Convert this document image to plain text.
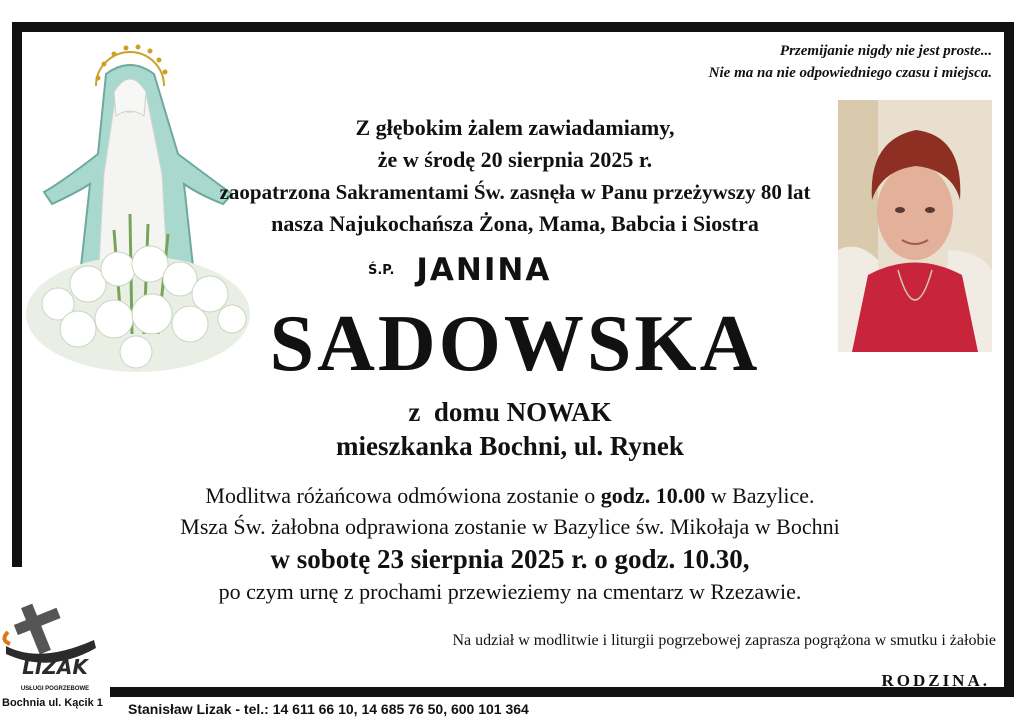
Przemijanie nigdy nie jest proste...
Nie ma na nie odpowiedniego czasu i miejsca.
Z głębokim żalem zawiadamiamy,
że w środę 20 sierpnia 2025 r.
zaopatrzona Sakramentami Św. zasnęła w Panu przeżywszy 80 lat
nasza Najukochańsza Żona, Mama, Babcia i Siostra
Ś.P. JANINA
SADOWSKA
z  domu NOWAK
mieszkanka Bochni, ul. Rynek
Modlitwa różańcowa odmówiona zostanie o godz. 10.00 w Bazylice.
Msza Św. żałobna odprawiona zostanie w Bazylice św. Mikołaja w Bochni
w sobotę 23 sierpnia 2025 r. o godz. 10.30,
po czym urnę z prochami przewieziemy na cmentarz w Rzezawie.
Na udział w modlitwie i liturgii pogrzebowej zaprasza pogrążona w smutku i żałobie
RODZINA.
LIZAK
USŁUGI POGRZEBOWE
Bochnia ul. Kącik 1 Stanisław Lizak - tel.: 14 611 66 10, 14 685 76 50, 600 101 364
